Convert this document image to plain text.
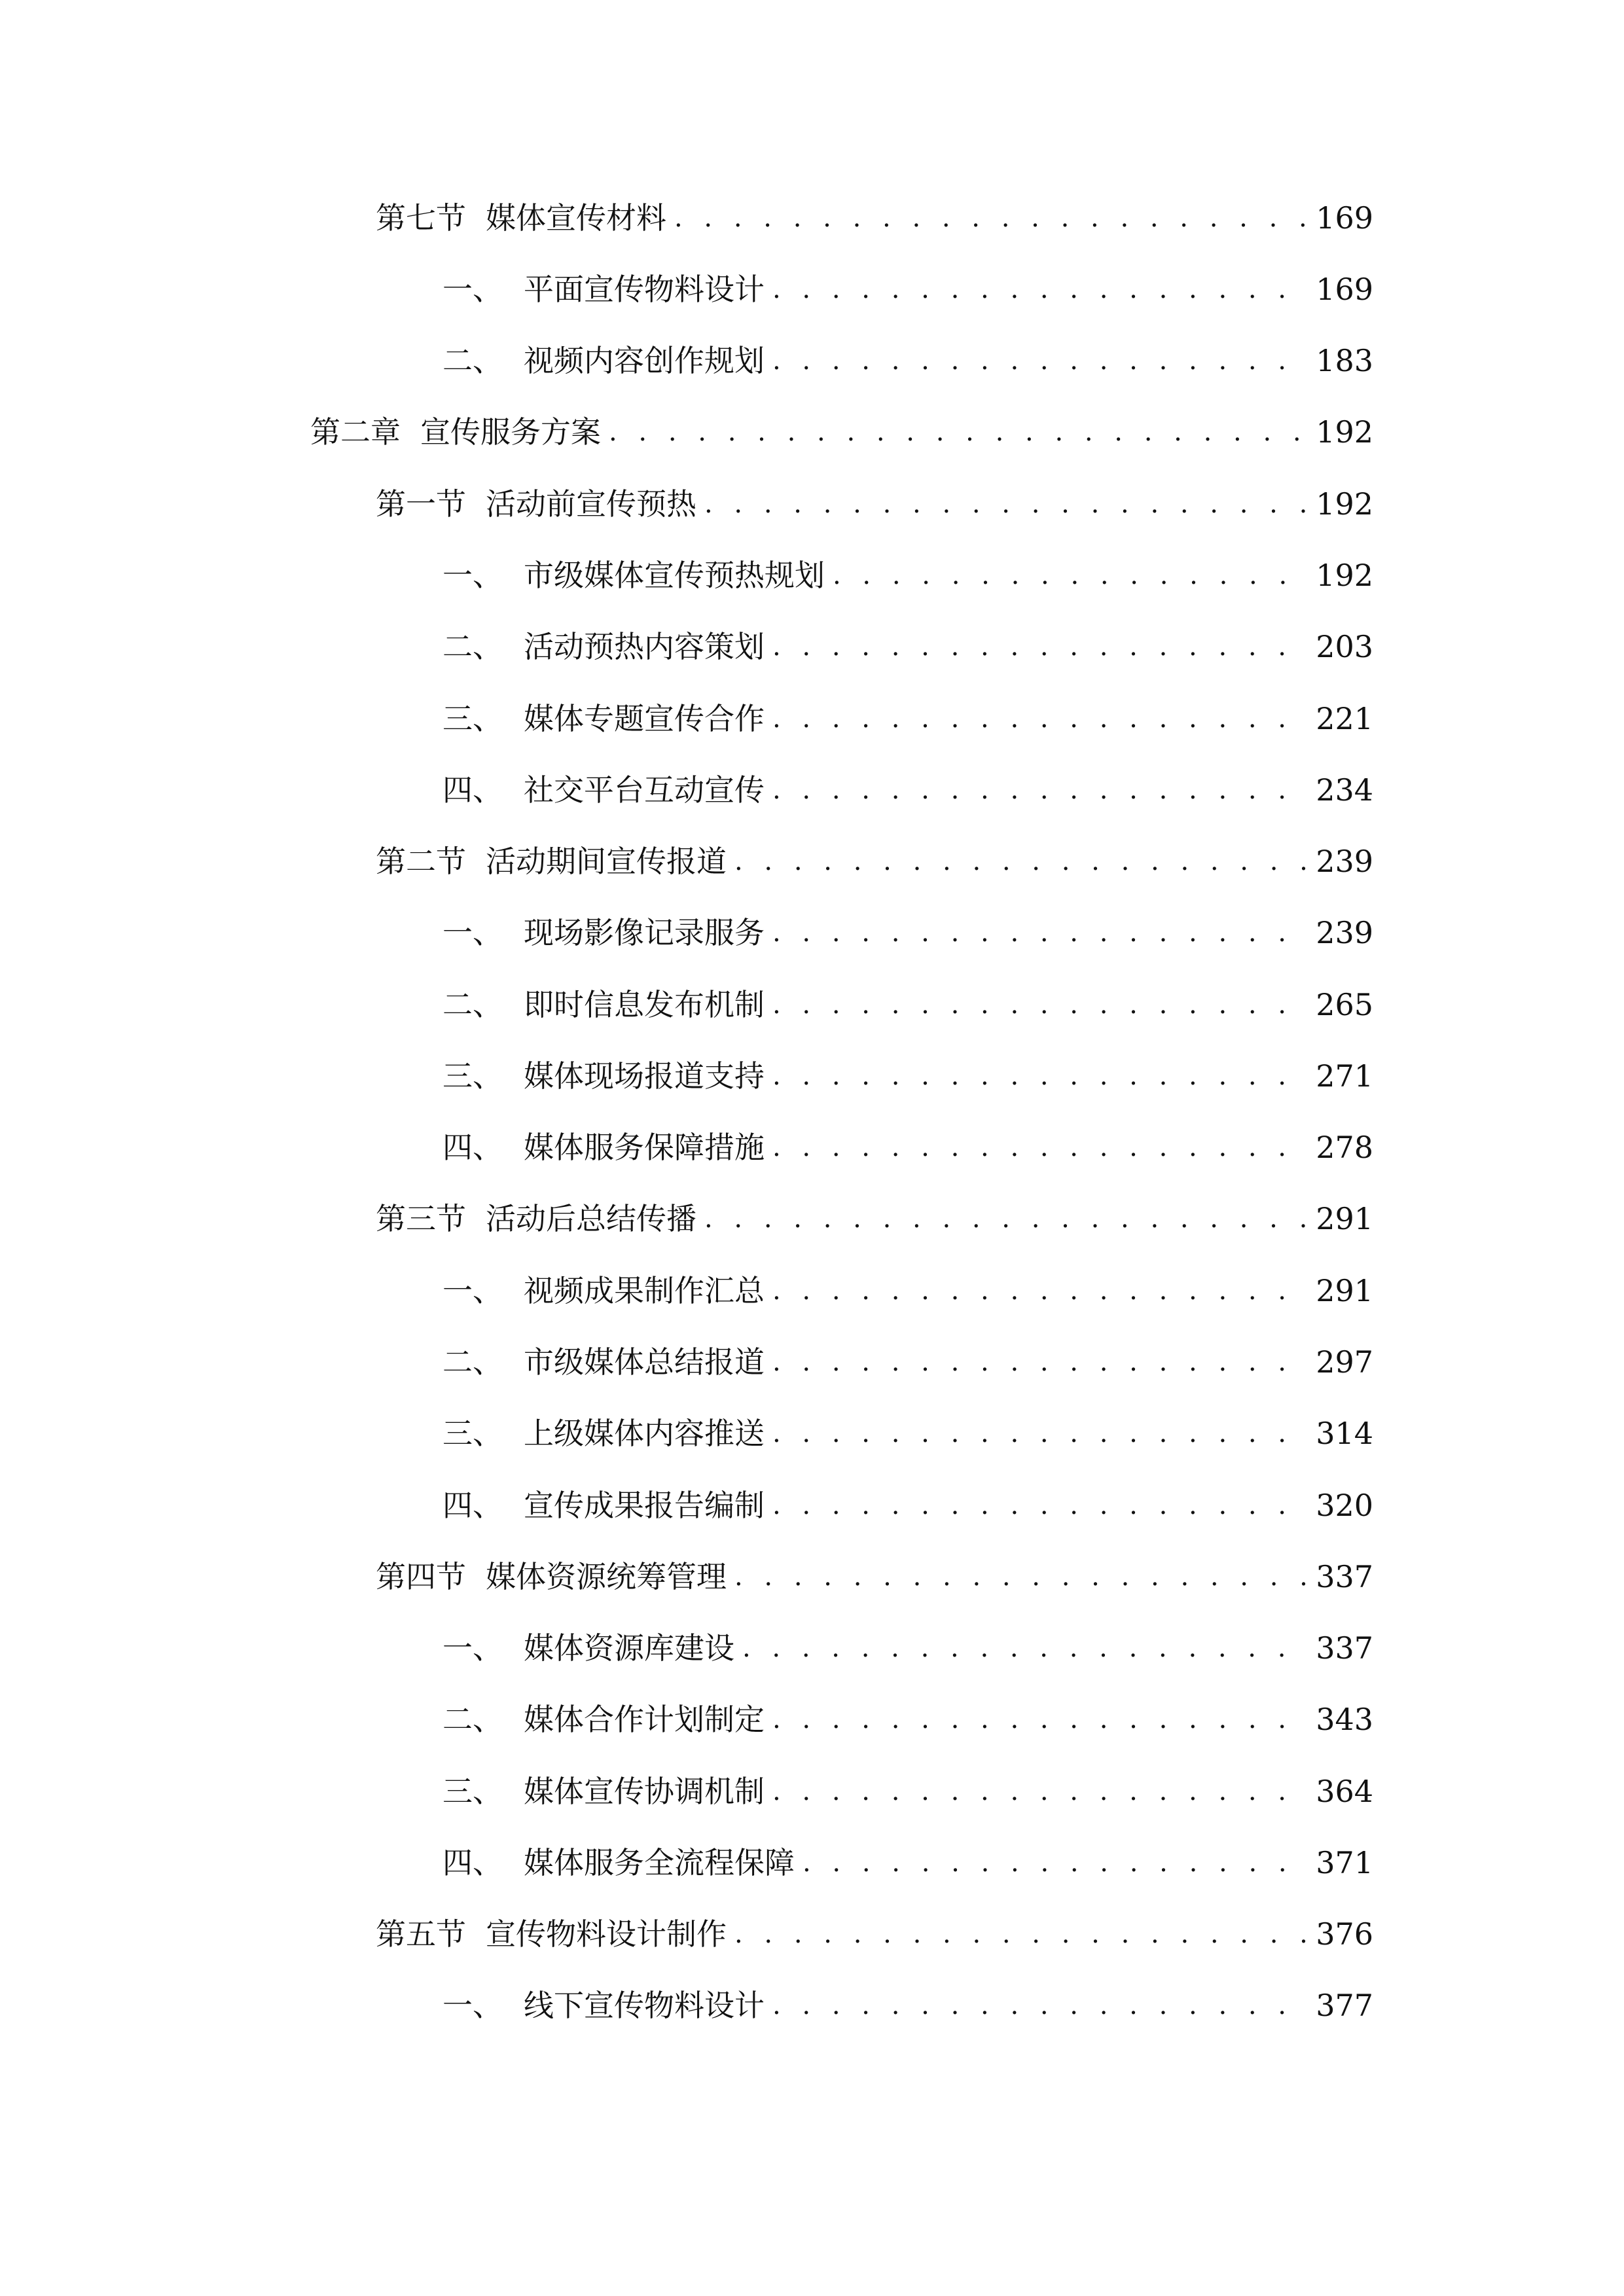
第七节 媒体宣传材料 . . .	169
一、 平面宣传物料设计 . . .	169
二、 视频内容创作规划 . . .	183
第二章 宣传服务方案 . . .	192
第一节 活动前宣传预热 . . .	192
一、 市级媒体宣传预热规划 . . .	192
二、 活动预热内容策划 . . .	203
三、 媒体专题宣传合作 . . .	221
四、 社交平台互动宣传 . . .	234
第二节 活动期间宣传报道 . . .	239
一、 现场影像记录服务 . . .	239
二、 即时信息发布机制 . . .	265
三、 媒体现场报道支持 . . .	271
四、 媒体服务保障措施 . . .	278
第三节 活动后总结传播 . . .	291
一、 视频成果制作汇总 . . .	291
二、 市级媒体总结报道 . . .	297
三、 上级媒体内容推送 . . .	314
四、 宣传成果报告编制 . . .	320
第四节 媒体资源统筹管理 . . .	337
一、 媒体资源库建设 . . .	337
二、 媒体合作计划制定 . . .	343
三、 媒体宣传协调机制 . . .	364
四、 媒体服务全流程保障 . . .	371
第五节 宣传物料设计制作 . . .	376
一、 线下宣传物料设计 . . .	377
